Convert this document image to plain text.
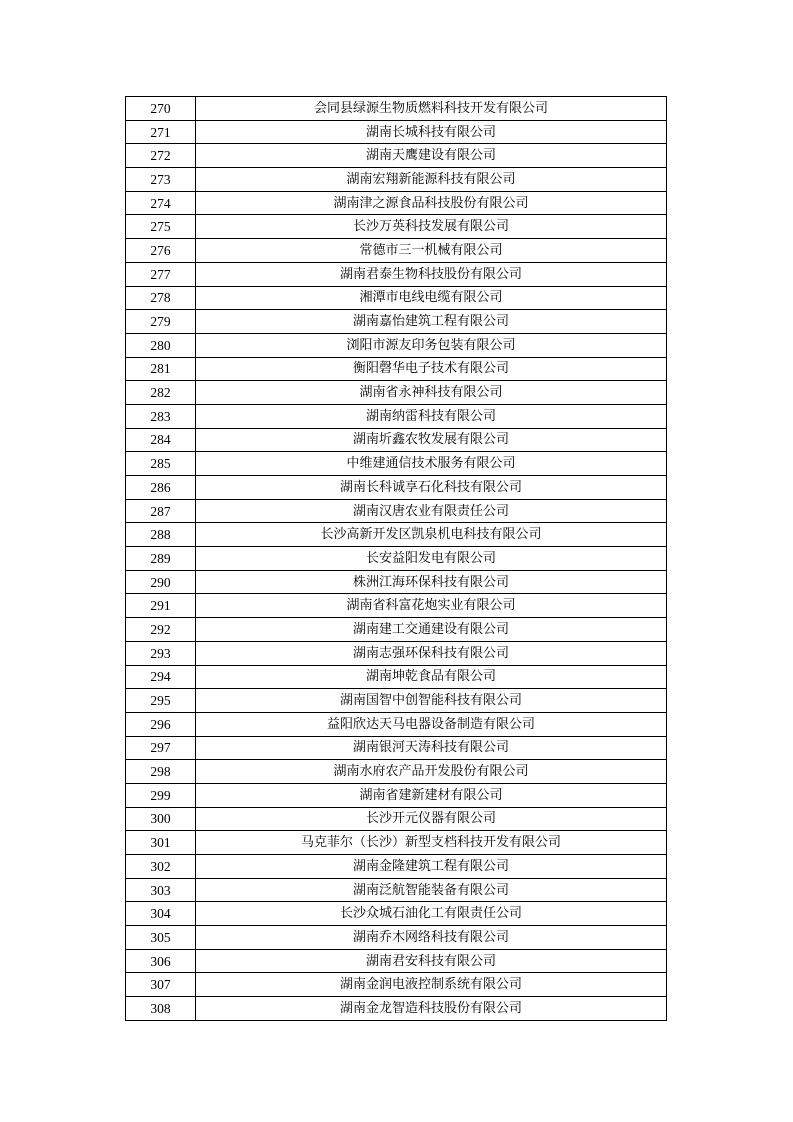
270	会同县绿源生物质燃料科技开发有限公司
271	湖南长城科技有限公司
272	湖南天鹰建设有限公司
273	湖南宏翔新能源科技有限公司
274	湖南津之源食品科技股份有限公司
275	长沙万英科技发展有限公司
276	常德市三一机械有限公司
277	湖南君泰生物科技股份有限公司
278	湘潭市电线电缆有限公司
279	湖南嘉怡建筑工程有限公司
280	浏阳市源友印务包装有限公司
281	衡阳磬华电子技术有限公司
282	湖南省永神科技有限公司
283	湖南纳雷科技有限公司
284	湖南圻鑫农牧发展有限公司
285	中维建通信技术服务有限公司
286	湖南长科诚享石化科技有限公司
287	湖南汉唐农业有限责任公司
288	长沙高新开发区凯泉机电科技有限公司
289	长安益阳发电有限公司
290	株洲江海环保科技有限公司
291	湖南省科富花炮实业有限公司
292	湖南建工交通建设有限公司
293	湖南志强环保科技有限公司
294	湖南坤乾食品有限公司
295	湖南国智中创智能科技有限公司
296	益阳欣达天马电器设备制造有限公司
297	湖南银河天涛科技有限公司
298	湖南水府农产品开发股份有限公司
299	湖南省建新建材有限公司
300	长沙开元仪器有限公司
301	马克菲尔（长沙）新型支档科技开发有限公司
302	湖南金隆建筑工程有限公司
303	湖南泛航智能装备有限公司
304	长沙众城石油化工有限责任公司
305	湖南乔木网络科技有限公司
306	湖南君安科技有限公司
307	湖南金润电液控制系统有限公司
308	湖南金龙智造科技股份有限公司
